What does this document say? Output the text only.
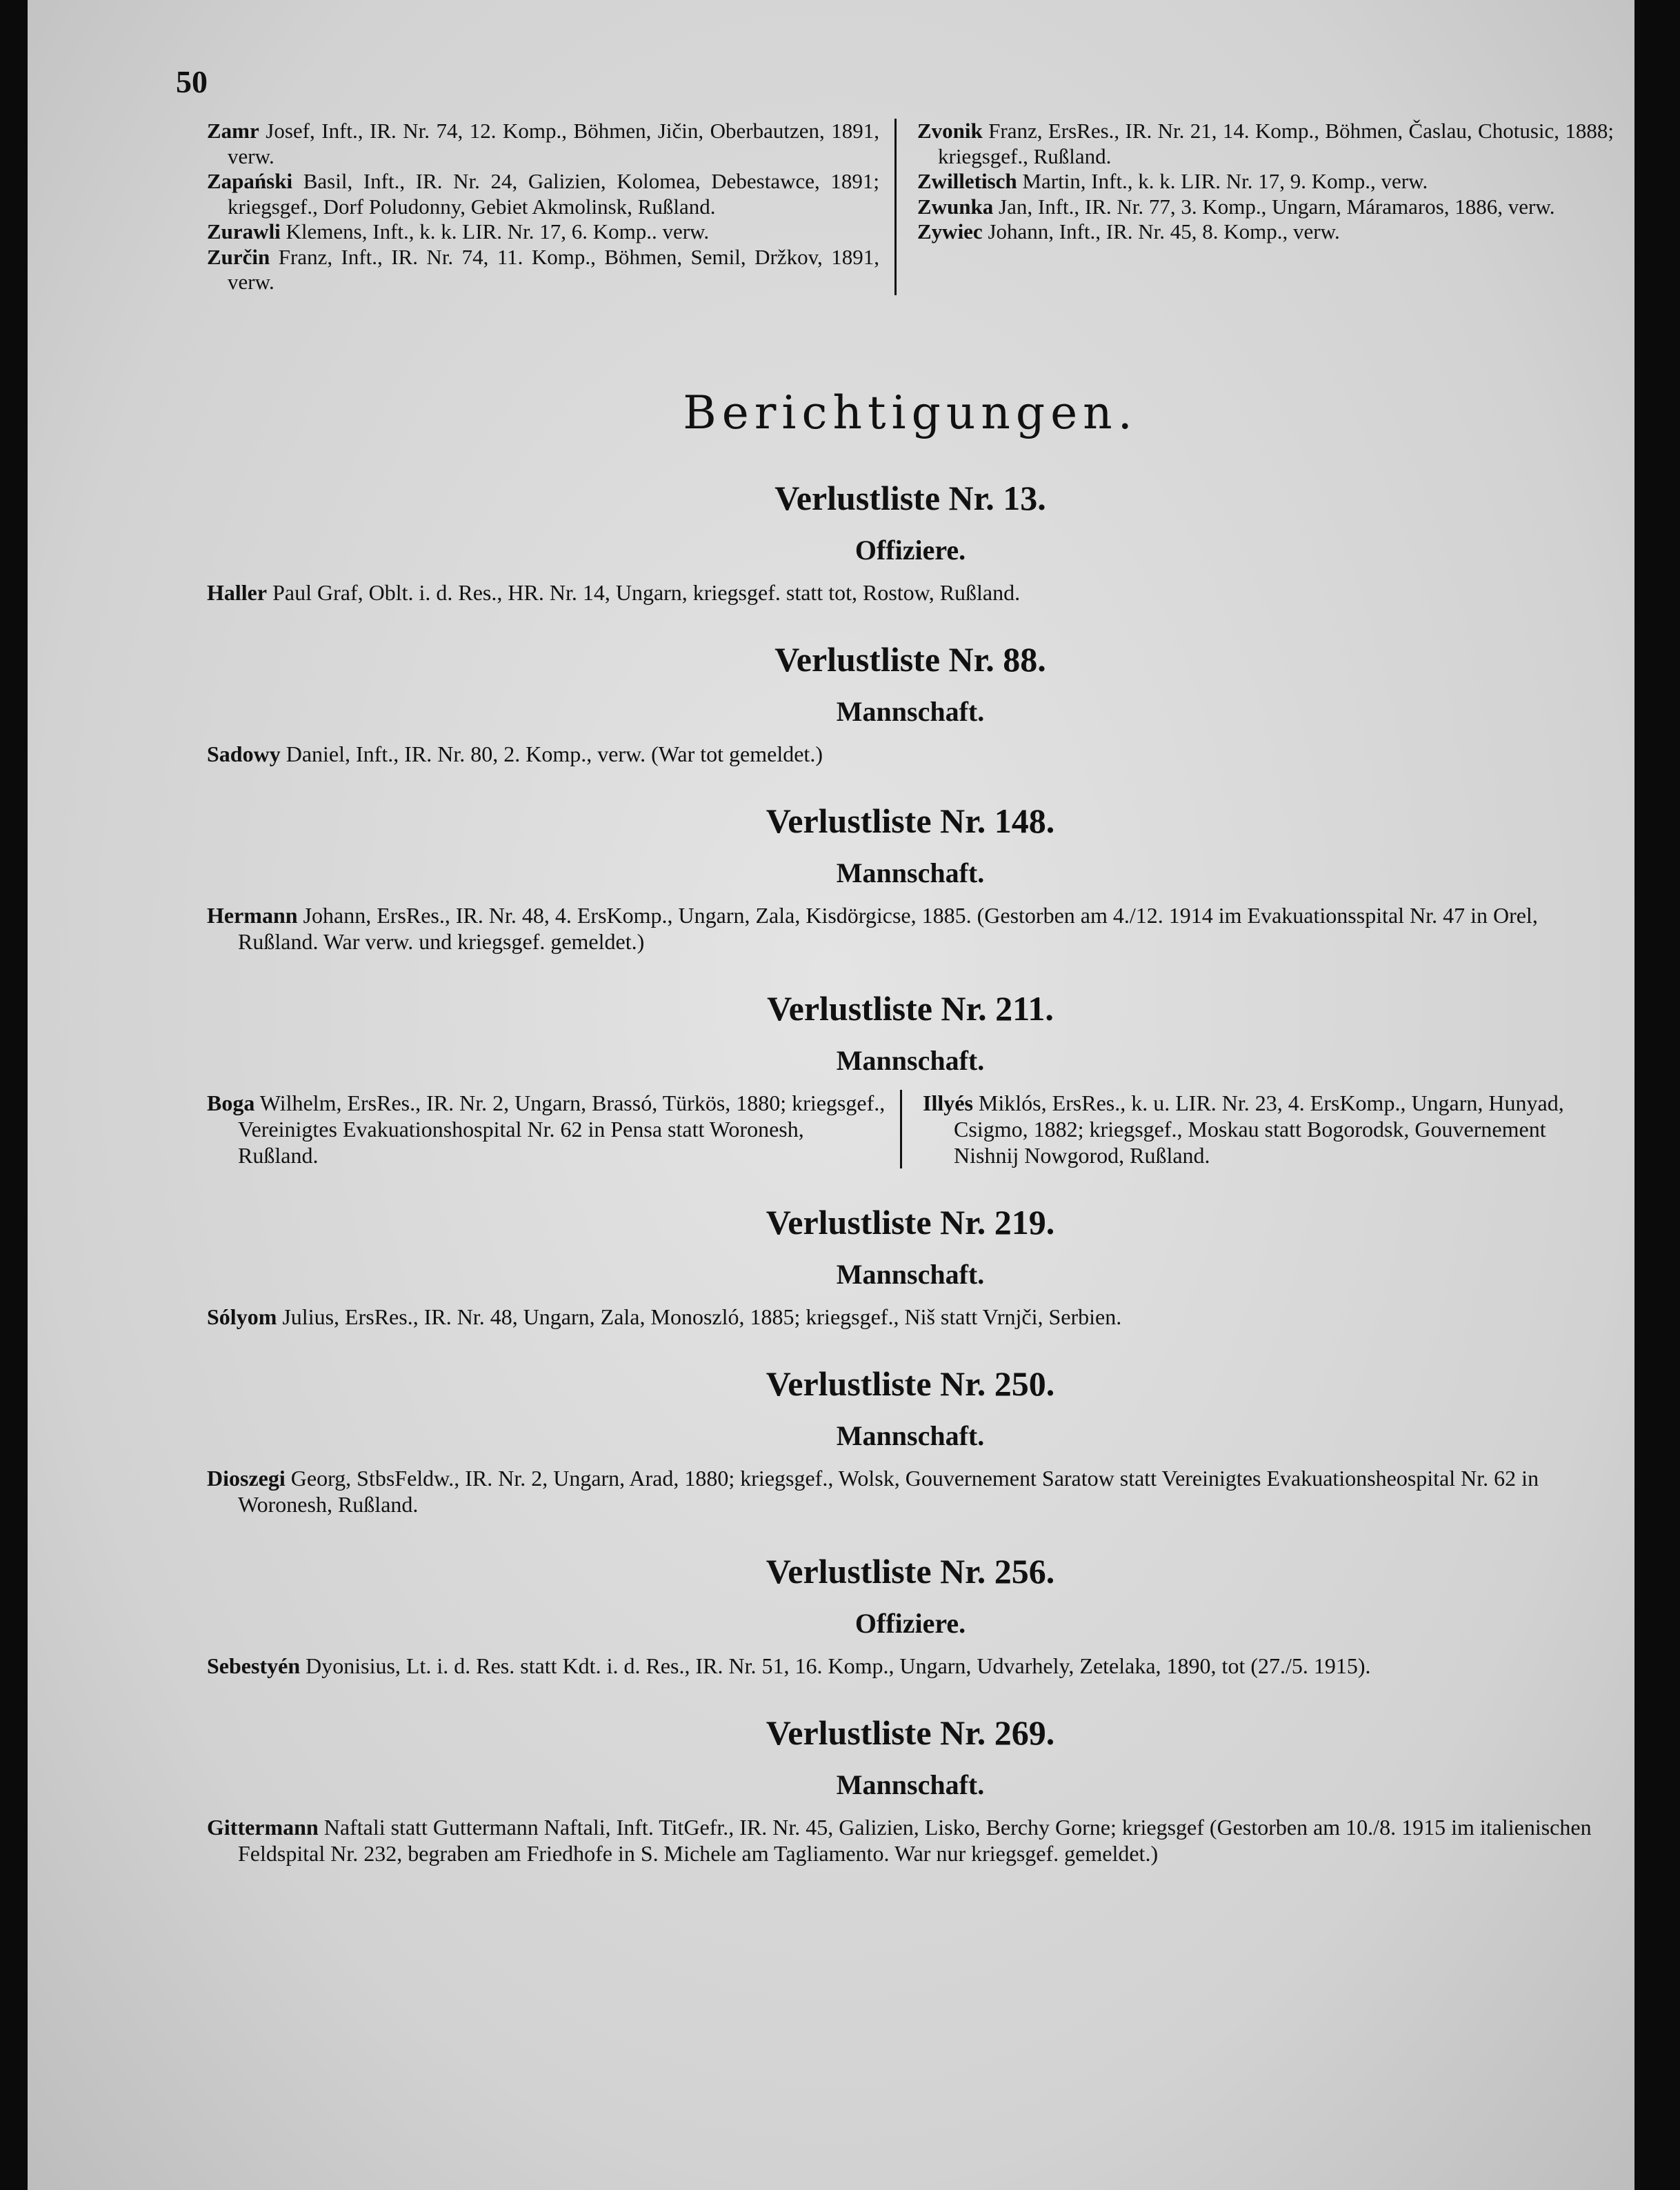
50
Zamr Josef, Inft., IR. Nr. 74, 12. Komp., Böhmen, Jičin, Oberbautzen, 1891, verw.
Zapański Basil, Inft., IR. Nr. 24, Galizien, Kolomea, Debestawce, 1891; kriegsgef., Dorf Poludonny, Gebiet Akmolinsk, Rußland.
Zurawli Klemens, Inft., k. k. LIR. Nr. 17, 6. Komp.. verw.
Zurčin Franz, Inft., IR. Nr. 74, 11. Komp., Böhmen, Semil, Držkov, 1891, verw.
Zvonik Franz, ErsRes., IR. Nr. 21, 14. Komp., Böhmen, Časlau, Chotusic, 1888; kriegsgef., Rußland.
Zwilletisch Martin, Inft., k. k. LIR. Nr. 17, 9. Komp., verw.
Zwunka Jan, Inft., IR. Nr. 77, 3. Komp., Ungarn, Máramaros, 1886, verw.
Zywiec Johann, Inft., IR. Nr. 45, 8. Komp., verw.
Berichtigungen.

Verlustliste Nr. 13.

Offiziere.

Haller Paul Graf, Oblt. i. d. Res., HR. Nr. 14, Ungarn, kriegsgef. statt tot, Rostow, Rußland.

Verlustliste Nr. 88.

Mannschaft.

Sadowy Daniel, Inft., IR. Nr. 80, 2. Komp., verw. (War tot gemeldet.)

Verlustliste Nr. 148.

Mannschaft.

Hermann Johann, ErsRes., IR. Nr. 48, 4. ErsKomp., Ungarn, Zala, Kisdörgicse, 1885. (Gestorben am 4./12. 1914 im Evakuationsspital Nr. 47 in Orel, Rußland. War verw. und kriegsgef. gemeldet.)

Verlustliste Nr. 211.

Mannschaft.

Boga Wilhelm, ErsRes., IR. Nr. 2, Ungarn, Brassó, Türkös, 1880; kriegsgef., Vereinigtes Evakuationshospital Nr. 62 in Pensa statt Woronesh, Rußland.
Illyés Miklós, ErsRes., k. u. LIR. Nr. 23, 4. ErsKomp., Ungarn, Hunyad, Csigmo, 1882; kriegsgef., Moskau statt Bogorodsk, Gouvernement Nishnij Nowgorod, Rußland.

Verlustliste Nr. 219.

Mannschaft.

Sólyom Julius, ErsRes., IR. Nr. 48, Ungarn, Zala, Monoszló, 1885; kriegsgef., Niš statt Vrnjči, Serbien.

Verlustliste Nr. 250.

Mannschaft.

Dioszegi Georg, StbsFeldw., IR. Nr. 2, Ungarn, Arad, 1880; kriegsgef., Wolsk, Gouvernement Saratow statt Vereinigtes Evakuationsheospital Nr. 62 in Woronesh, Rußland.

Verlustliste Nr. 256.

Offiziere.

Sebestyén Dyonisius, Lt. i. d. Res. statt Kdt. i. d. Res., IR. Nr. 51, 16. Komp., Ungarn, Udvarhely, Zetelaka, 1890, tot (27./5. 1915).

Verlustliste Nr. 269.

Mannschaft.

Gittermann Naftali statt Guttermann Naftali, Inft. TitGefr., IR. Nr. 45, Galizien, Lisko, Berchy Gorne; kriegsgef (Gestorben am 10./8. 1915 im italienischen Feldspital Nr. 232, begraben am Friedhofe in S. Michele am Tagliamento. War nur kriegsgef. gemeldet.)
